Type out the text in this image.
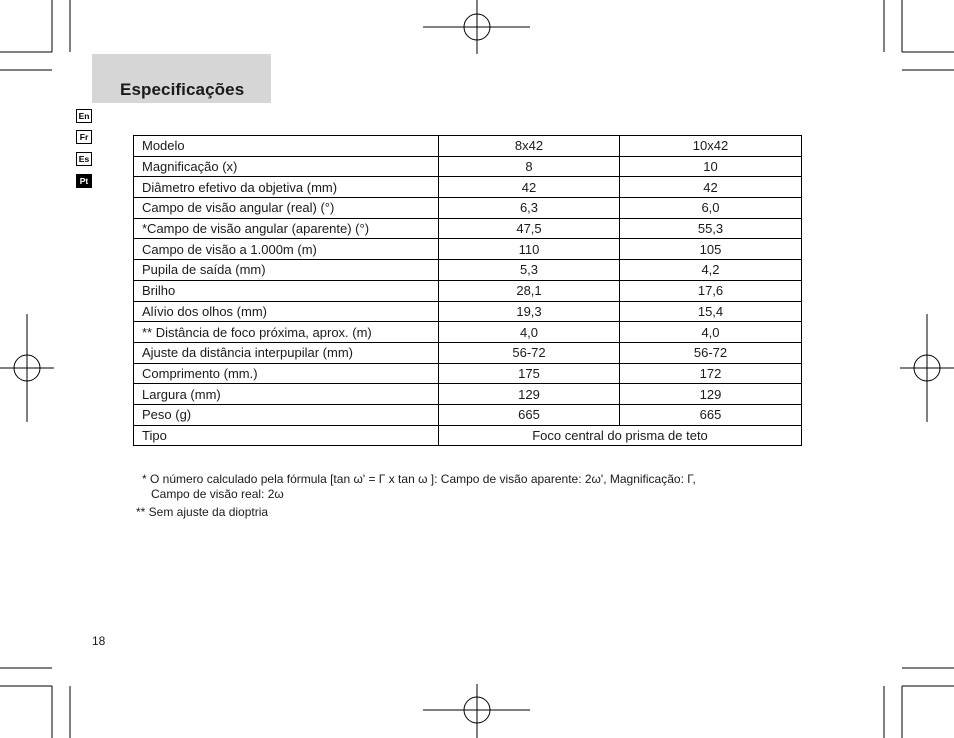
Especificações
En
Fr
Es
Pt
Modelo	8x42	10x42
Magnificação (x)	8	10
Diâmetro efetivo da objetiva (mm)	42	42
Campo de visão angular (real) (°)	6,3	6,0
*Campo de visão angular (aparente) (°)	47,5	55,3
Campo de visão a 1.000m (m)	110	105
Pupila de saída (mm)	5,3	4,2
Brilho	28,1	17,6
Alívio dos olhos (mm)	19,3	15,4
** Distância de foco próxima, aprox. (m)	4,0	4,0
Ajuste da distância interpupilar (mm)	56-72	56-72
Comprimento (mm.)	175	172
Largura (mm)	129	129
Peso (g)	665	665
Tipo	Foco central do prisma de teto	
* O número calculado pela fórmula [tan ω' = Γ x tan ω ]: Campo de visão aparente: 2ω', Magnificação: Γ,
Campo de visão real: 2ω
** Sem ajuste da dioptria
18
